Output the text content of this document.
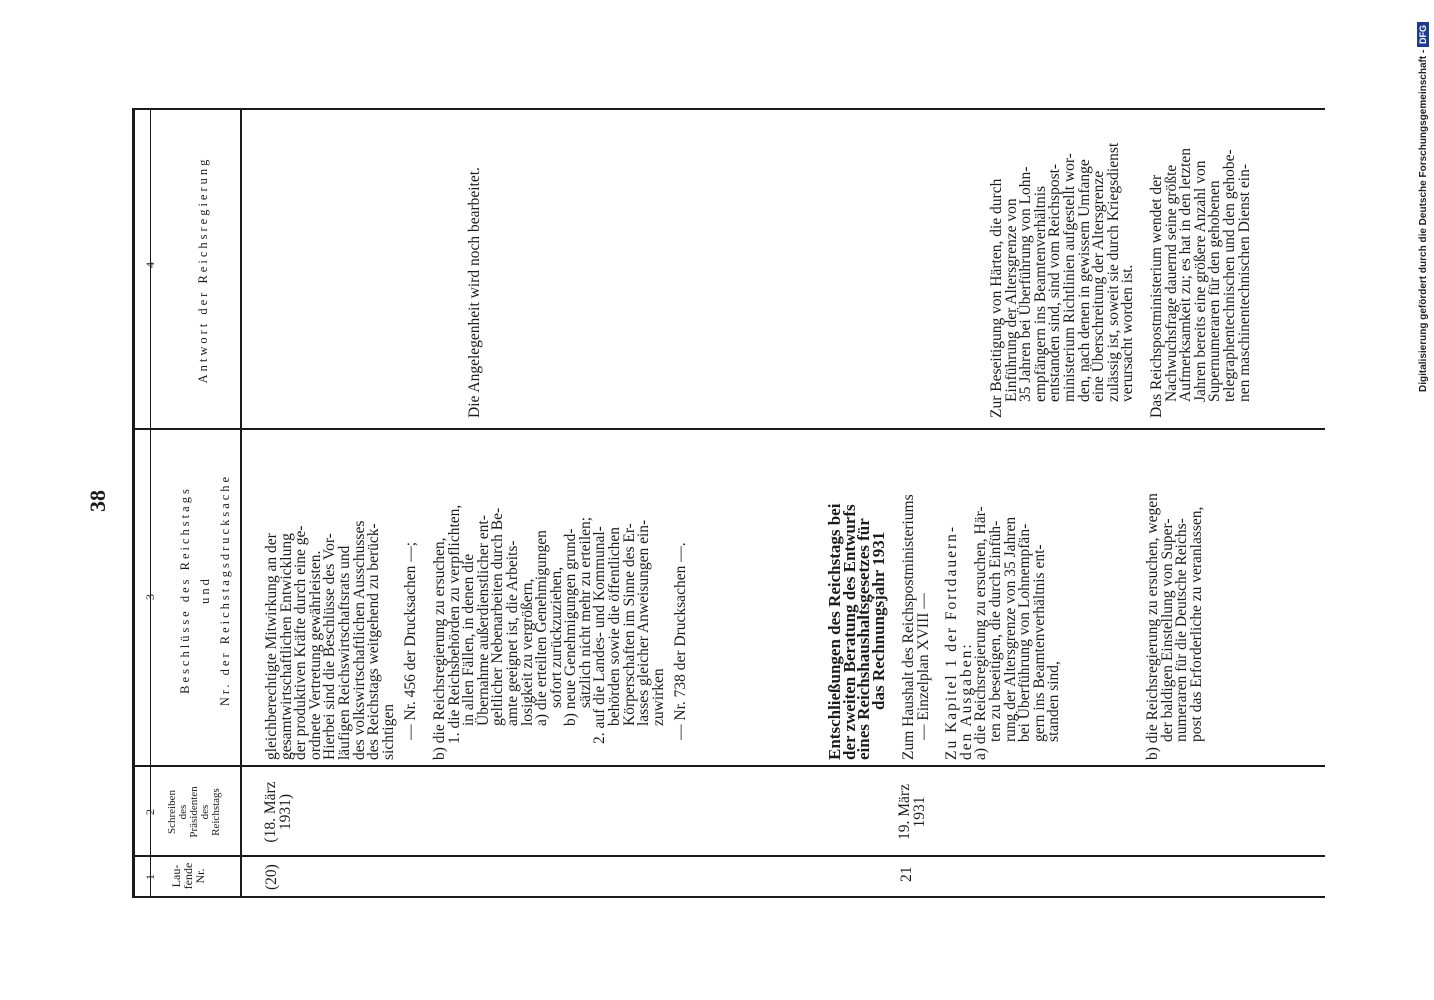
38
1
2
3
4
Lau-
fende
Nr.
Schreiben
des
Präsidenten
des
Reichstags
Beschlüsse des Reichstags und Nr. der Reichstagsdrucksache
Antwort der Reichsregierung
(20)
(18. März
1931)
gleichberechtigte Mitwirkung an der
gesamtwirtschaftlichen Entwicklung
der produktiven Kräfte durch eine ge-
ordnete Vertretung gewährleisten.
Hierbei sind die Beschlüsse des Vor-
läufigen Reichswirtschaftsrats und
des volkswirtschaftlichen Ausschusses
des Reichstags weitgehend zu berück-
sichtigen — Nr. 456 der Drucksachen —; b) die Reichsregierung zu ersuchen,
1. die Reichsbehörden zu verpflichten,
in allen Fällen, in denen die
Übernahme außerdienstlicher ent-
geltlicher Nebenarbeiten durch Be-
amte geeignet ist, die Arbeits-
losigkeit zu vergrößern,
a) die erteilten Genehmigungen
sofort zurückzuziehen,
b) neue Genehmigungen grund-
sätzlich nicht mehr zu erteilen;
2. auf die Landes- und Kommunal-
behörden sowie die öffentlichen
Körperschaften im Sinne des Er-
lasses gleicher Anweisungen ein-
zuwirken — Nr. 738 der Drucksachen —.
Die Angelegenheit wird noch bearbeitet.
21
19. März
1931
Entschließungen des Reichstags bei
der zweiten Beratung des Entwurfs
eines Reichshaushaltsgesetzes für
das Rechnungsjahr 1931 Zum Haushalt des Reichspostministeriums
— Einzelplan XVIII — Zu Kapitel 1 der Fortdauern-
den Ausgaben:
a) die Reichsregierung zu ersuchen, Här-
ten zu beseitigen, die durch Einfüh-
rung der Altersgrenze von 35 Jahren
bei Überführung von Lohnempfän-
gern ins Beamtenverhältnis ent-
standen sind,	b) die Reichsregierung zu ersuchen, wegen
der baldigen Einstellung von Super-
numeraren für die Deutsche Reichs-
post das Erforderliche zu veranlassen,
Zur Beseitigung von Härten, die durch
Einführung der Altersgrenze von
35 Jahren bei Überführung von Lohn-
empfängern ins Beamtenverhältnis
entstanden sind, sind vom Reichspost-
ministerium Richtlinien aufgestellt wor-
den, nach denen in gewissem Umfange
eine Überschreitung der Altersgrenze
zulässig ist, soweit sie durch Kriegsdienst
verursacht worden ist. Das Reichspostministerium wendet der
Nachwuchsfrage dauernd seine größte
Aufmerksamkeit zu; es hat in den letzten
Jahren bereits eine größere Anzahl von
Supernumeraren für den gehobenen
telegraphentechnischen und den gehobe-
nen maschinentechnischen Dienst ein-	Digitalisierung gefördert durch die Deutsche Forschungsgemeinschaft - DFG
